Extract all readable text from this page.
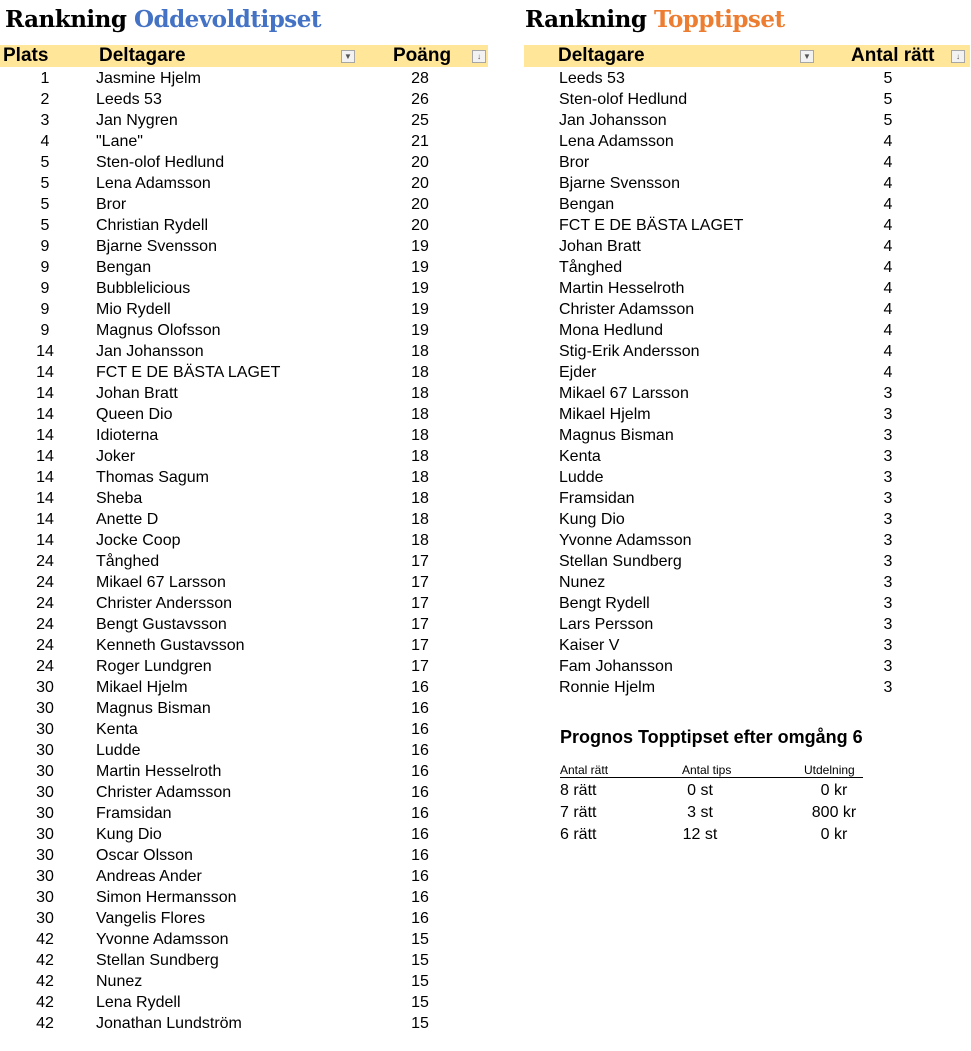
Rankning Oddevoldtipset	Rankning Topptipset
Plats	Deltagare	▼ Poäng	↓	Deltagare	▼ Antal rätt	↓
1	Jasmine Hjelm	28
2	Leeds 53	26
3	Jan Nygren	25
4	"Lane"	21
5	Sten-olof Hedlund	20
5	Lena Adamsson	20
5	Bror	20
5	Christian Rydell	20
9	Bjarne Svensson	19
9	Bengan	19
9	Bubblelicious	19
9	Mio Rydell	19
9	Magnus Olofsson	19
14	Jan Johansson	18
14	FCT E DE BÄSTA LAGET	18
14	Johan Bratt	18
14	Queen Dio	18
14	Idioterna	18
14	Joker	18
14	Thomas Sagum	18
14	Sheba	18
14	Anette D	18
14	Jocke Coop	18
24	Tånghed	17
24	Mikael 67 Larsson	17
24	Christer Andersson	17
24	Bengt Gustavsson	17
24	Kenneth Gustavsson	17
24	Roger Lundgren	17
30	Mikael Hjelm	16
30	Magnus Bisman	16
30	Kenta	16
30	Ludde	16
30	Martin Hesselroth	16
30	Christer Adamsson	16
30	Framsidan	16
30	Kung Dio	16
30	Oscar Olsson	16
30	Andreas Ander	16
30	Simon Hermansson	16
30	Vangelis Flores	16
42	Yvonne Adamsson	15
42	Stellan Sundberg	15
42	Nunez	15
42	Lena Rydell	15
42	Jonathan Lundström	15
Leeds 53	5
Sten-olof Hedlund	5
Jan Johansson	5
Lena Adamsson	4
Bror	4
Bjarne Svensson	4
Bengan	4
FCT E DE BÄSTA LAGET	4
Johan Bratt	4
Tånghed	4
Martin Hesselroth	4
Christer Adamsson	4
Mona Hedlund	4
Stig-Erik Andersson	4
Ejder	4
Mikael 67 Larsson	3
Mikael Hjelm	3
Magnus Bisman	3
Kenta	3
Ludde	3
Framsidan	3
Kung Dio	3
Yvonne Adamsson	3
Stellan Sundberg	3
Nunez	3
Bengt Rydell	3
Lars Persson	3
Kaiser V	3
Fam Johansson	3
Ronnie Hjelm	3
Prognos Topptipset efter omgång 6
Antal rätt	Antal tips	Utdelning
8 rätt	0 st	0 kr
7 rätt	3 st	800 kr
6 rätt	12 st	0 kr
